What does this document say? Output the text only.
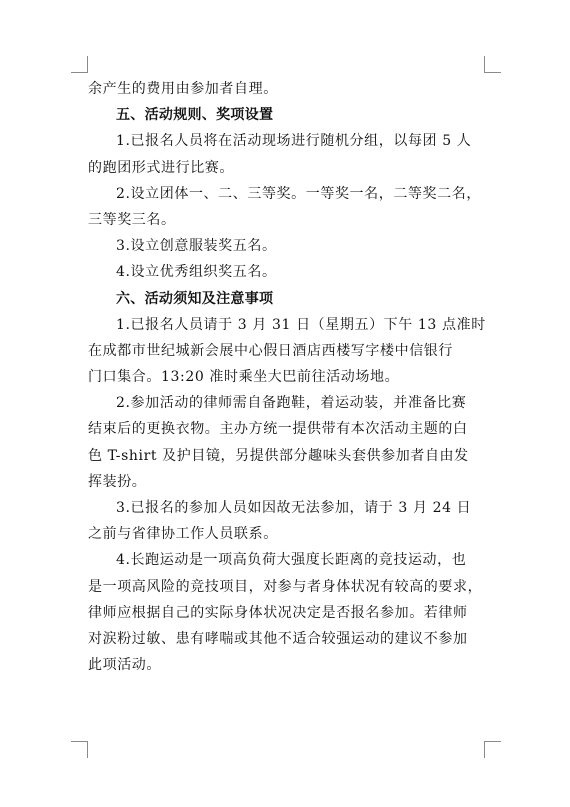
余产生的费用由参加者自理。
五、活动规则、奖项设置
1.已报名人员将在活动现场进行随机分组，以每团 5 人
的跑团形式进行比赛。
2.设立团体一、二、三等奖。一等奖一名，二等奖二名，
三等奖三名。
3.设立创意服装奖五名。
4.设立优秀组织奖五名。
六、活动须知及注意事项
1.已报名人员请于 3 月 31 日（星期五）下午 13 点准时
在成都市世纪城新会展中心假日酒店西楼写字楼中信银行
门口集合。13:20 准时乘坐大巴前往活动场地。
2.参加活动的律师需自备跑鞋，着运动装，并准备比赛
结束后的更换衣物。主办方统一提供带有本次活动主题的白
色 T-shirt 及护目镜，另提供部分趣味头套供参加者自由发
挥装扮。
3.已报名的参加人员如因故无法参加，请于 3 月 24 日
之前与省律协工作人员联系。
4.长跑运动是一项高负荷大强度长距离的竞技运动，也
是一项高风险的竞技项目，对参与者身体状况有较高的要求，
律师应根据自己的实际身体状况决定是否报名参加。若律师
对涙粉过敏、患有哮喘或其他不适合较强运动的建议不参加
此项活动。
